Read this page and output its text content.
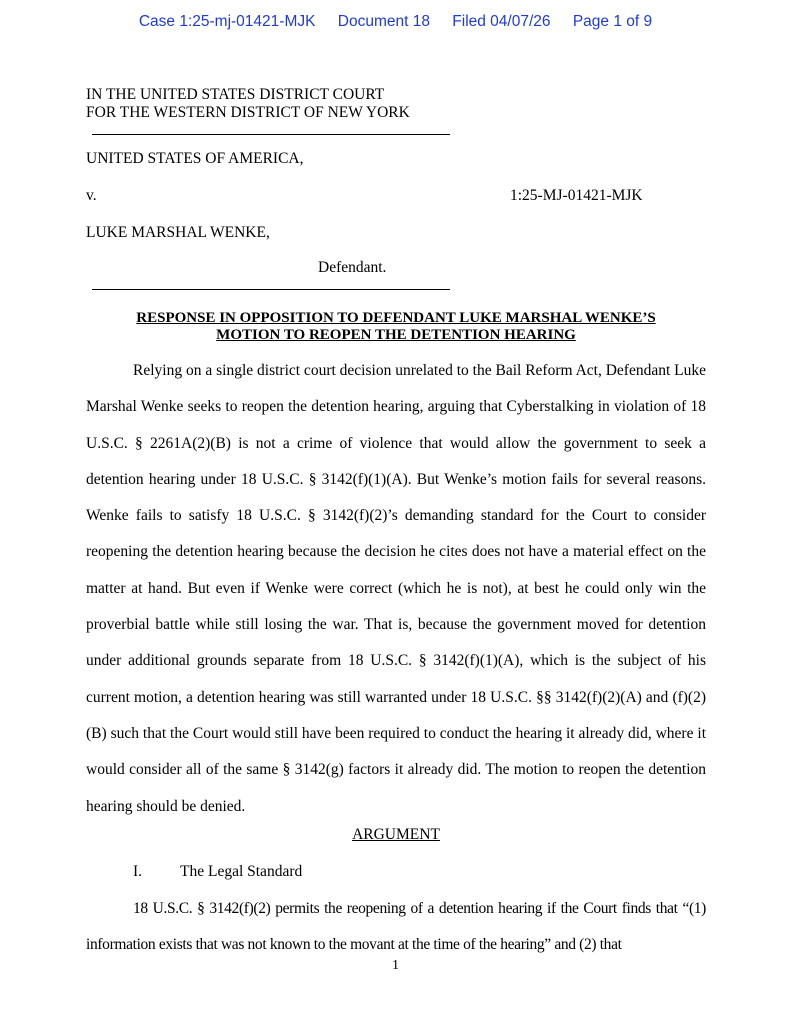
Case 1:25-mj-01421-MJK Document 18 Filed 04/07/26 Page 1 of 9
IN THE UNITED STATES DISTRICT COURT
FOR THE WESTERN DISTRICT OF NEW YORK
UNITED STATES OF AMERICA,
v.	1:25-MJ-01421-MJK
LUKE MARSHAL WENKE,
Defendant.
RESPONSE IN OPPOSITION TO DEFENDANT LUKE MARSHAL WENKE’S
MOTION TO REOPEN THE DETENTION HEARING
Relying on a single district court decision unrelated to the Bail Reform Act, Defendant Luke Marshal Wenke seeks to reopen the detention hearing, arguing that Cyberstalking in violation of 18 U.S.C. § 2261A(2)(B) is not a crime of violence that would allow the government to seek a detention hearing under 18 U.S.C. § 3142(f)(1)(A). But Wenke’s motion fails for several reasons. Wenke fails to satisfy 18 U.S.C. § 3142(f)(2)’s demanding standard for the Court to consider reopening the detention hearing because the decision he cites does not have a material effect on the matter at hand. But even if Wenke were correct (which he is not), at best he could only win the proverbial battle while still losing the war. That is, because the government moved for detention under additional grounds separate from 18 U.S.C. § 3142(f)(1)(A), which is the subject of his current motion, a detention hearing was still warranted under 18 U.S.C. §§ 3142(f)(2)(A) and (f)(2)(B) such that the Court would still have been required to conduct the hearing it already did, where it would consider all of the same § 3142(g) factors it already did. The motion to reopen the detention hearing should be denied.
ARGUMENT
I. The Legal Standard
18 U.S.C. § 3142(f)(2) permits the reopening of a detention hearing if the Court finds that “(1) information exists that was not known to the movant at the time of the hearing” and (2) that
1
